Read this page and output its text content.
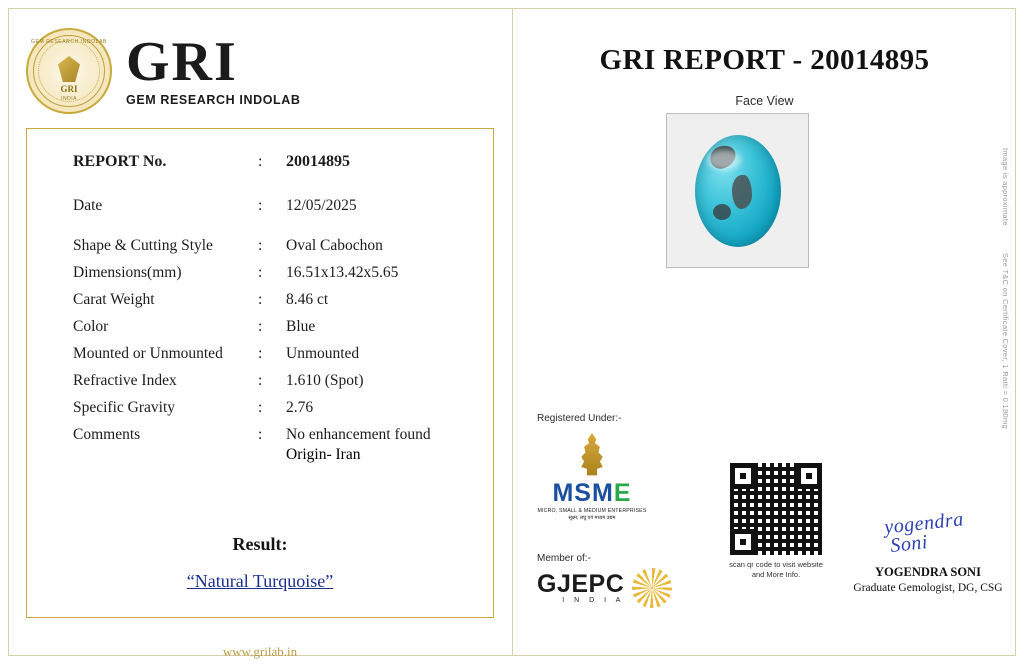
GEM RESEARCH INDOLAB
GRI
INDIA
GRI
GEM RESEARCH INDOLAB
REPORT No.	:	20014895
Date	:	12/05/2025
Shape & Cutting Style	:	Oval Cabochon
Dimensions(mm)	:	16.51x13.42x5.65
Carat Weight	:	8.46 ct
Color	:	Blue
Mounted or Unmounted	:	Unmounted
Refractive Index	:	1.610 (Spot)
Specific Gravity	:	2.76
Comments	:	No enhancement found
Origin- Iran
Result:
“Natural Turquoise”
www.grilab.in
GRI REPORT - 20014895
Face View
Image is approximate
See T&C on Certificate Cover, 1 Ratti = 0.180mg
Registered Under:-
MSME
MICRO, SMALL & MEDIUM ENTERPRISES
सूक्ष्म, लघु एवं मध्यम उद्यम
Member of:-
GJEPC
I N D I A
scan qr code to visit website
and More Info.
yogendra
Soni
YOGENDRA SONI
Graduate Gemologist, DG, CSG
